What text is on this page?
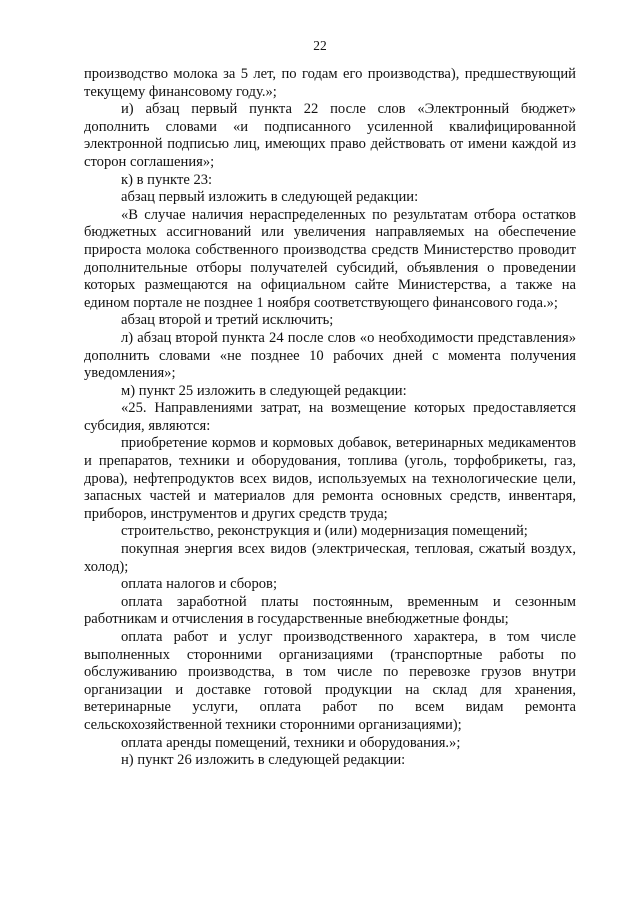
22

производство молока за 5 лет, по годам его производства), предшествующий текущему финансовому году.»;

и) абзац первый пункта 22 после слов «Электронный бюджет» дополнить словами «и подписанного усиленной квалифицированной электронной подписью лиц, имеющих право действовать от имени каждой из сторон соглашения»;

к) в пункте 23:

абзац первый изложить в следующей редакции:

«В случае наличия нераспределенных по результатам отбора остатков бюджетных ассигнований или увеличения направляемых на обеспечение прироста молока собственного производства средств Министерство проводит дополнительные отборы получателей субсидий, объявления о проведении которых размещаются на официальном сайте Министерства, а также на едином портале не позднее 1 ноября соответствующего финансового года.»;

абзац второй и третий исключить;

л) абзац второй пункта 24 после слов «о необходимости представления» дополнить словами «не позднее 10 рабочих дней с момента получения уведомления»;

м) пункт 25 изложить в следующей редакции:

«25. Направлениями затрат, на возмещение которых предоставляется субсидия, являются:

приобретение кормов и кормовых добавок, ветеринарных медикаментов и препаратов, техники и оборудования, топлива (уголь, торфобрикеты, газ, дрова), нефтепродуктов всех видов, используемых на технологические цели, запасных частей и материалов для ремонта основных средств, инвентаря, приборов, инструментов и других средств труда;

строительство, реконструкция и (или) модернизация помещений;

покупная энергия всех видов (электрическая, тепловая, сжатый воздух, холод);

оплата налогов и сборов;

оплата заработной платы постоянным, временным и сезонным работникам и отчисления в государственные внебюджетные фонды;

оплата работ и услуг производственного характера, в том числе выполненных сторонними организациями (транспортные работы по обслуживанию производства, в том числе по перевозке грузов внутри организации и доставке готовой продукции на склад для хранения, ветеринарные услуги, оплата работ по всем видам ремонта сельскохозяйственной техники сторонними организациями);

оплата аренды помещений, техники и оборудования.»;

н) пункт 26 изложить в следующей редакции:
